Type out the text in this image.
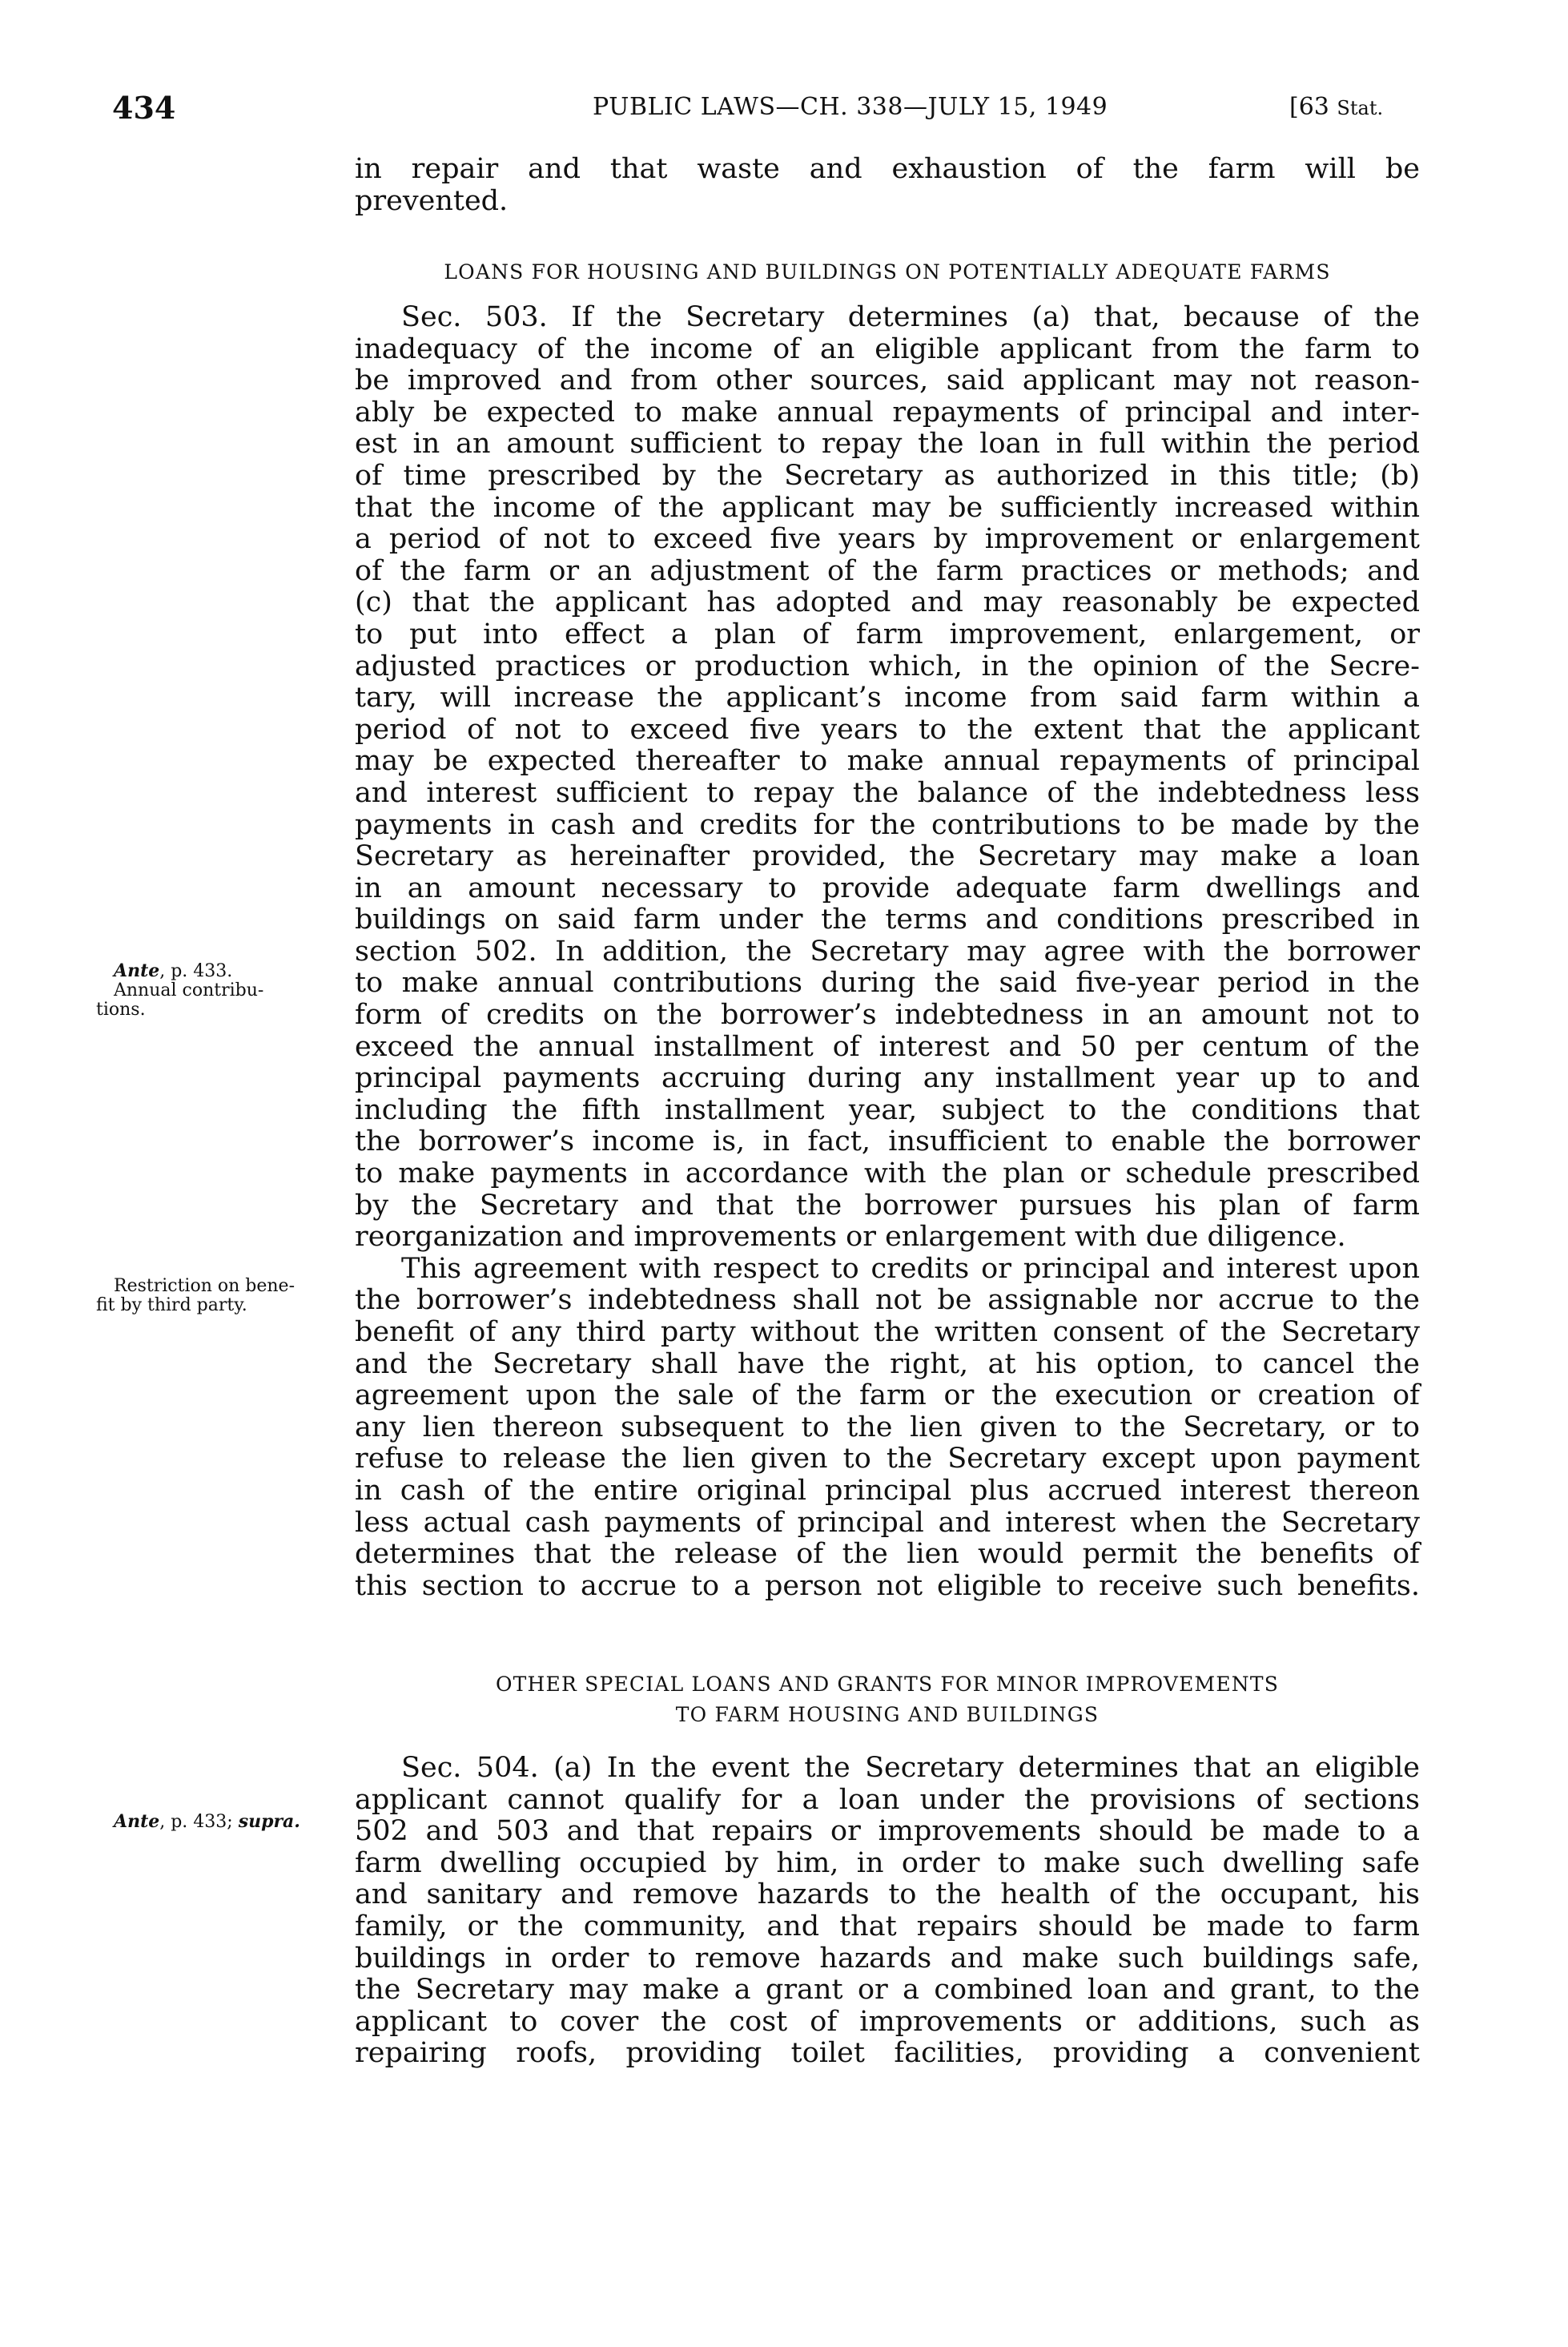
434	PUBLIC LAWS—CH. 338—JULY 15, 1949	[63 Stat.
in repair and that waste and exhaustion of the farm will be
prevented.
LOANS FOR HOUSING AND BUILDINGS ON POTENTIALLY ADEQUATE FARMS
Sec. 503. If the Secretary determines (a) that, because of the
inadequacy of the income of an eligible applicant from the farm to
be improved and from other sources, said applicant may not reason-
ably be expected to make annual repayments of principal and inter-
est in an amount sufficient to repay the loan in full within the period
of time prescribed by the Secretary as authorized in this title; (b)
that the income of the applicant may be sufficiently increased within
a period of not to exceed five years by improvement or enlargement
of the farm or an adjustment of the farm practices or methods; and
(c) that the applicant has adopted and may reasonably be expected
to put into effect a plan of farm improvement, enlargement, or
adjusted practices or production which, in the opinion of the Secre-
tary, will increase the applicant’s income from said farm within a
period of not to exceed five years to the extent that the applicant
may be expected thereafter to make annual repayments of principal
and interest sufficient to repay the balance of the indebtedness less
payments in cash and credits for the contributions to be made by the
Secretary as hereinafter provided, the Secretary may make a loan
in an amount necessary to provide adequate farm dwellings and
buildings on said farm under the terms and conditions prescribed in
section 502. In addition, the Secretary may agree with the borrower
to make annual contributions during the said five-year period in the
form of credits on the borrower’s indebtedness in an amount not to
exceed the annual installment of interest and 50 per centum of the
principal payments accruing during any installment year up to and
including the fifth installment year, subject to the conditions that
the borrower’s income is, in fact, insufficient to enable the borrower
to make payments in accordance with the plan or schedule prescribed
by the Secretary and that the borrower pursues his plan of farm
reorganization and improvements or enlargement with due diligence.
This agreement with respect to credits or principal and interest upon
the borrower’s indebtedness shall not be assignable nor accrue to the
benefit of any third party without the written consent of the Secretary
and the Secretary shall have the right, at his option, to cancel the
agreement upon the sale of the farm or the execution or creation of
any lien thereon subsequent to the lien given to the Secretary, or to
refuse to release the lien given to the Secretary except upon payment
in cash of the entire original principal plus accrued interest thereon
less actual cash payments of principal and interest when the Secretary
determines that the release of the lien would permit the benefits of
this section to accrue to a person not eligible to receive such benefits.
OTHER SPECIAL LOANS AND GRANTS FOR MINOR IMPROVEMENTS
TO FARM HOUSING AND BUILDINGS
Sec. 504. (a) In the event the Secretary determines that an eligible
applicant cannot qualify for a loan under the provisions of sections
502 and 503 and that repairs or improvements should be made to a
farm dwelling occupied by him, in order to make such dwelling safe
and sanitary and remove hazards to the health of the occupant, his
family, or the community, and that repairs should be made to farm
buildings in order to remove hazards and make such buildings safe,
the Secretary may make a grant or a combined loan and grant, to the
applicant to cover the cost of improvements or additions, such as
repairing roofs, providing toilet facilities, providing a convenient
Ante, p. 433.
Annual contribu-
tions.
Restriction on bene-
fit by third party.
Ante, p. 433; supra.
